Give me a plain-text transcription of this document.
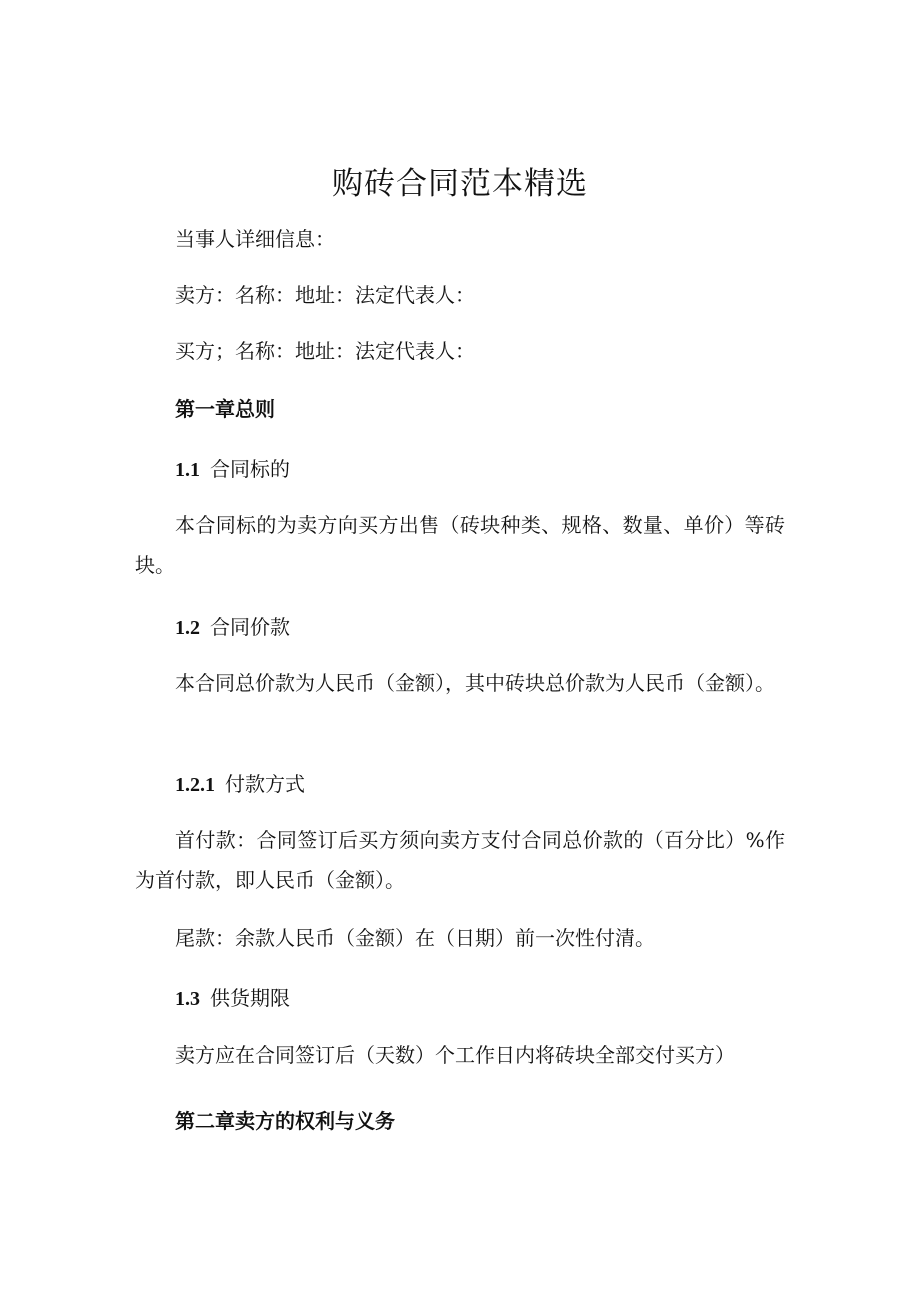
购砖合同范本精选
当事人详细信息：
卖方：名称：地址：法定代表人：
买方；名称：地址：法定代表人：
第一章总则
1.1 合同标的
本合同标的为卖方向买方出售（砖块种类、规格、数量、单价）等砖块。
1.2 合同价款
本合同总价款为人民币（金额），其中砖块总价款为人民币（金额）。
1.2.1 付款方式
首付款：合同签订后买方须向卖方支付合同总价款的（百分比）%作为首付款，即人民币（金额）。
尾款：余款人民币（金额）在（日期）前一次性付清。
1.3 供货期限
卖方应在合同签订后（天数）个工作日内将砖块全部交付买方）
第二章卖方的权利与义务
